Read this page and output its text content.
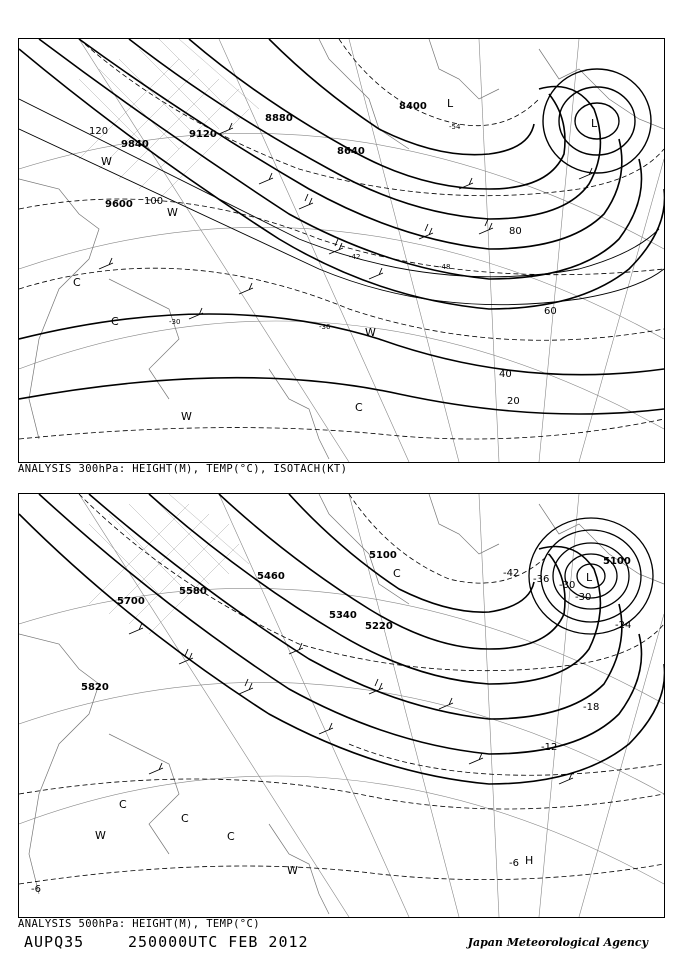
9600
9840
9120
8880
8640
8400
120
100
80
60
40
20
-30
-36
-42
-48
-54
L
L
C
C
C
W
W
W
W
ANALYSIS 300hPa: HEIGHT(M), TEMP(°C), ISOTACH(KT)
5700
5580
5820
5460
5340
5220
5100
5100
-42
-36
-30
-30
-24
-18
-12
-6
-6
L
H
C
C
C
C
W
W
ANALYSIS 500hPa: HEIGHT(M), TEMP(°C)
AUPQ35	250000UTC FEB 2012	Japan Meteorological Agency
